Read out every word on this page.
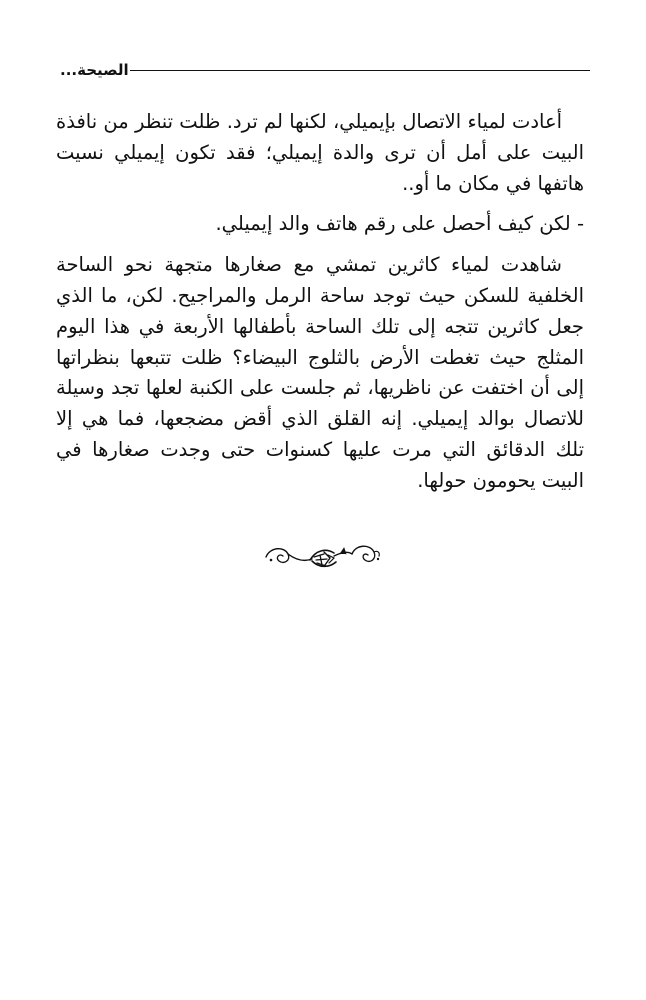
الصيحة...

أعادت لمياء الاتصال بإيميلي، لكنها لم ترد. ظلت تنظر من نافذة البيت على أمل أن ترى والدة إيميلي؛ فقد تكون إيميلي نسيت هاتفها في مكان ما أو..

- لكن كيف أحصل على رقم هاتف والد إيميلي.

شاهدت لمياء كاثرين تمشي مع صغارها متجهة نحو الساحة الخلفية للسكن حيث توجد ساحة الرمل والمراجيح. لكن، ما الذي جعل كاثرين تتجه إلى تلك الساحة بأطفالها الأربعة في هذا اليوم المثلج حيث تغطت الأرض بالثلوج البيضاء؟ ظلت تتبعها بنظراتها إلى أن اختفت عن ناظريها، ثم جلست على الكنبة لعلها تجد وسيلة للاتصال بوالد إيميلي. إنه القلق الذي أقض مضجعها، فما هي إلا تلك الدقائق التي مرت عليها كسنوات حتى وجدت صغارها في البيت يحومون حولها.
